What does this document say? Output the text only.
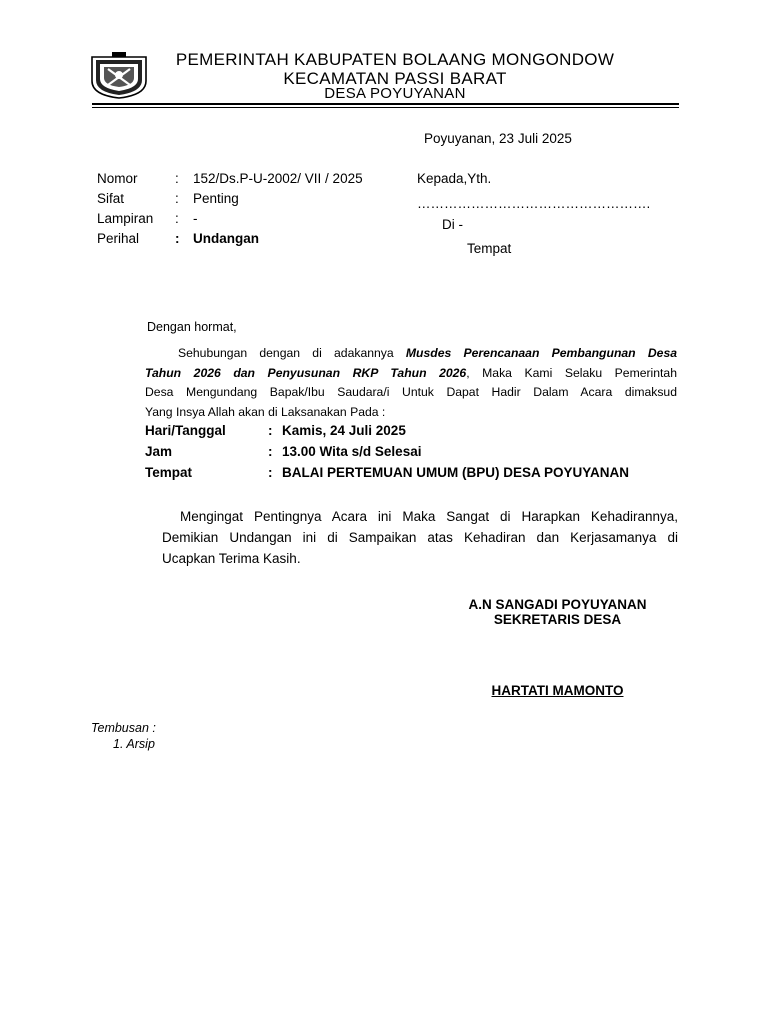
PEMERINTAH KABUPATEN BOLAANG MONGONDOW
KECAMATAN PASSI BARAT
DESA POYUYANAN
Poyuyanan, 23 Juli 2025
Nomor	: 152/Ds.P-U-2002/ VII / 2025
Sifat	: Penting
Lampiran : -
Perihal	: Undangan
Kepada,Yth.
…………………………………………….
Di -
Tempat
Dengan hormat,
Sehubungan dengan di adakannya Musdes Perencanaan Pembangunan Desa
Tahun 2026 dan Penyusunan RKP Tahun 2026, Maka Kami Selaku Pemerintah
Desa Mengundang Bapak/Ibu Saudara/i Untuk Dapat Hadir Dalam Acara dimaksud
Yang Insya Allah akan di Laksanakan Pada :
Hari/Tanggal	: Kamis, 24 Juli 2025
Jam	: 13.00 Wita s/d Selesai
Tempat	: BALAI PERTEMUAN UMUM (BPU) DESA POYUYANAN
Mengingat Pentingnya Acara ini Maka Sangat di Harapkan Kehadirannya,
Demikian Undangan ini di Sampaikan atas Kehadiran dan Kerjasamanya di
Ucapkan Terima Kasih.
A.N SANGADI POYUYANAN
SEKRETARIS DESA
HARTATI MAMONTO
Tembusan :
1. Arsip
